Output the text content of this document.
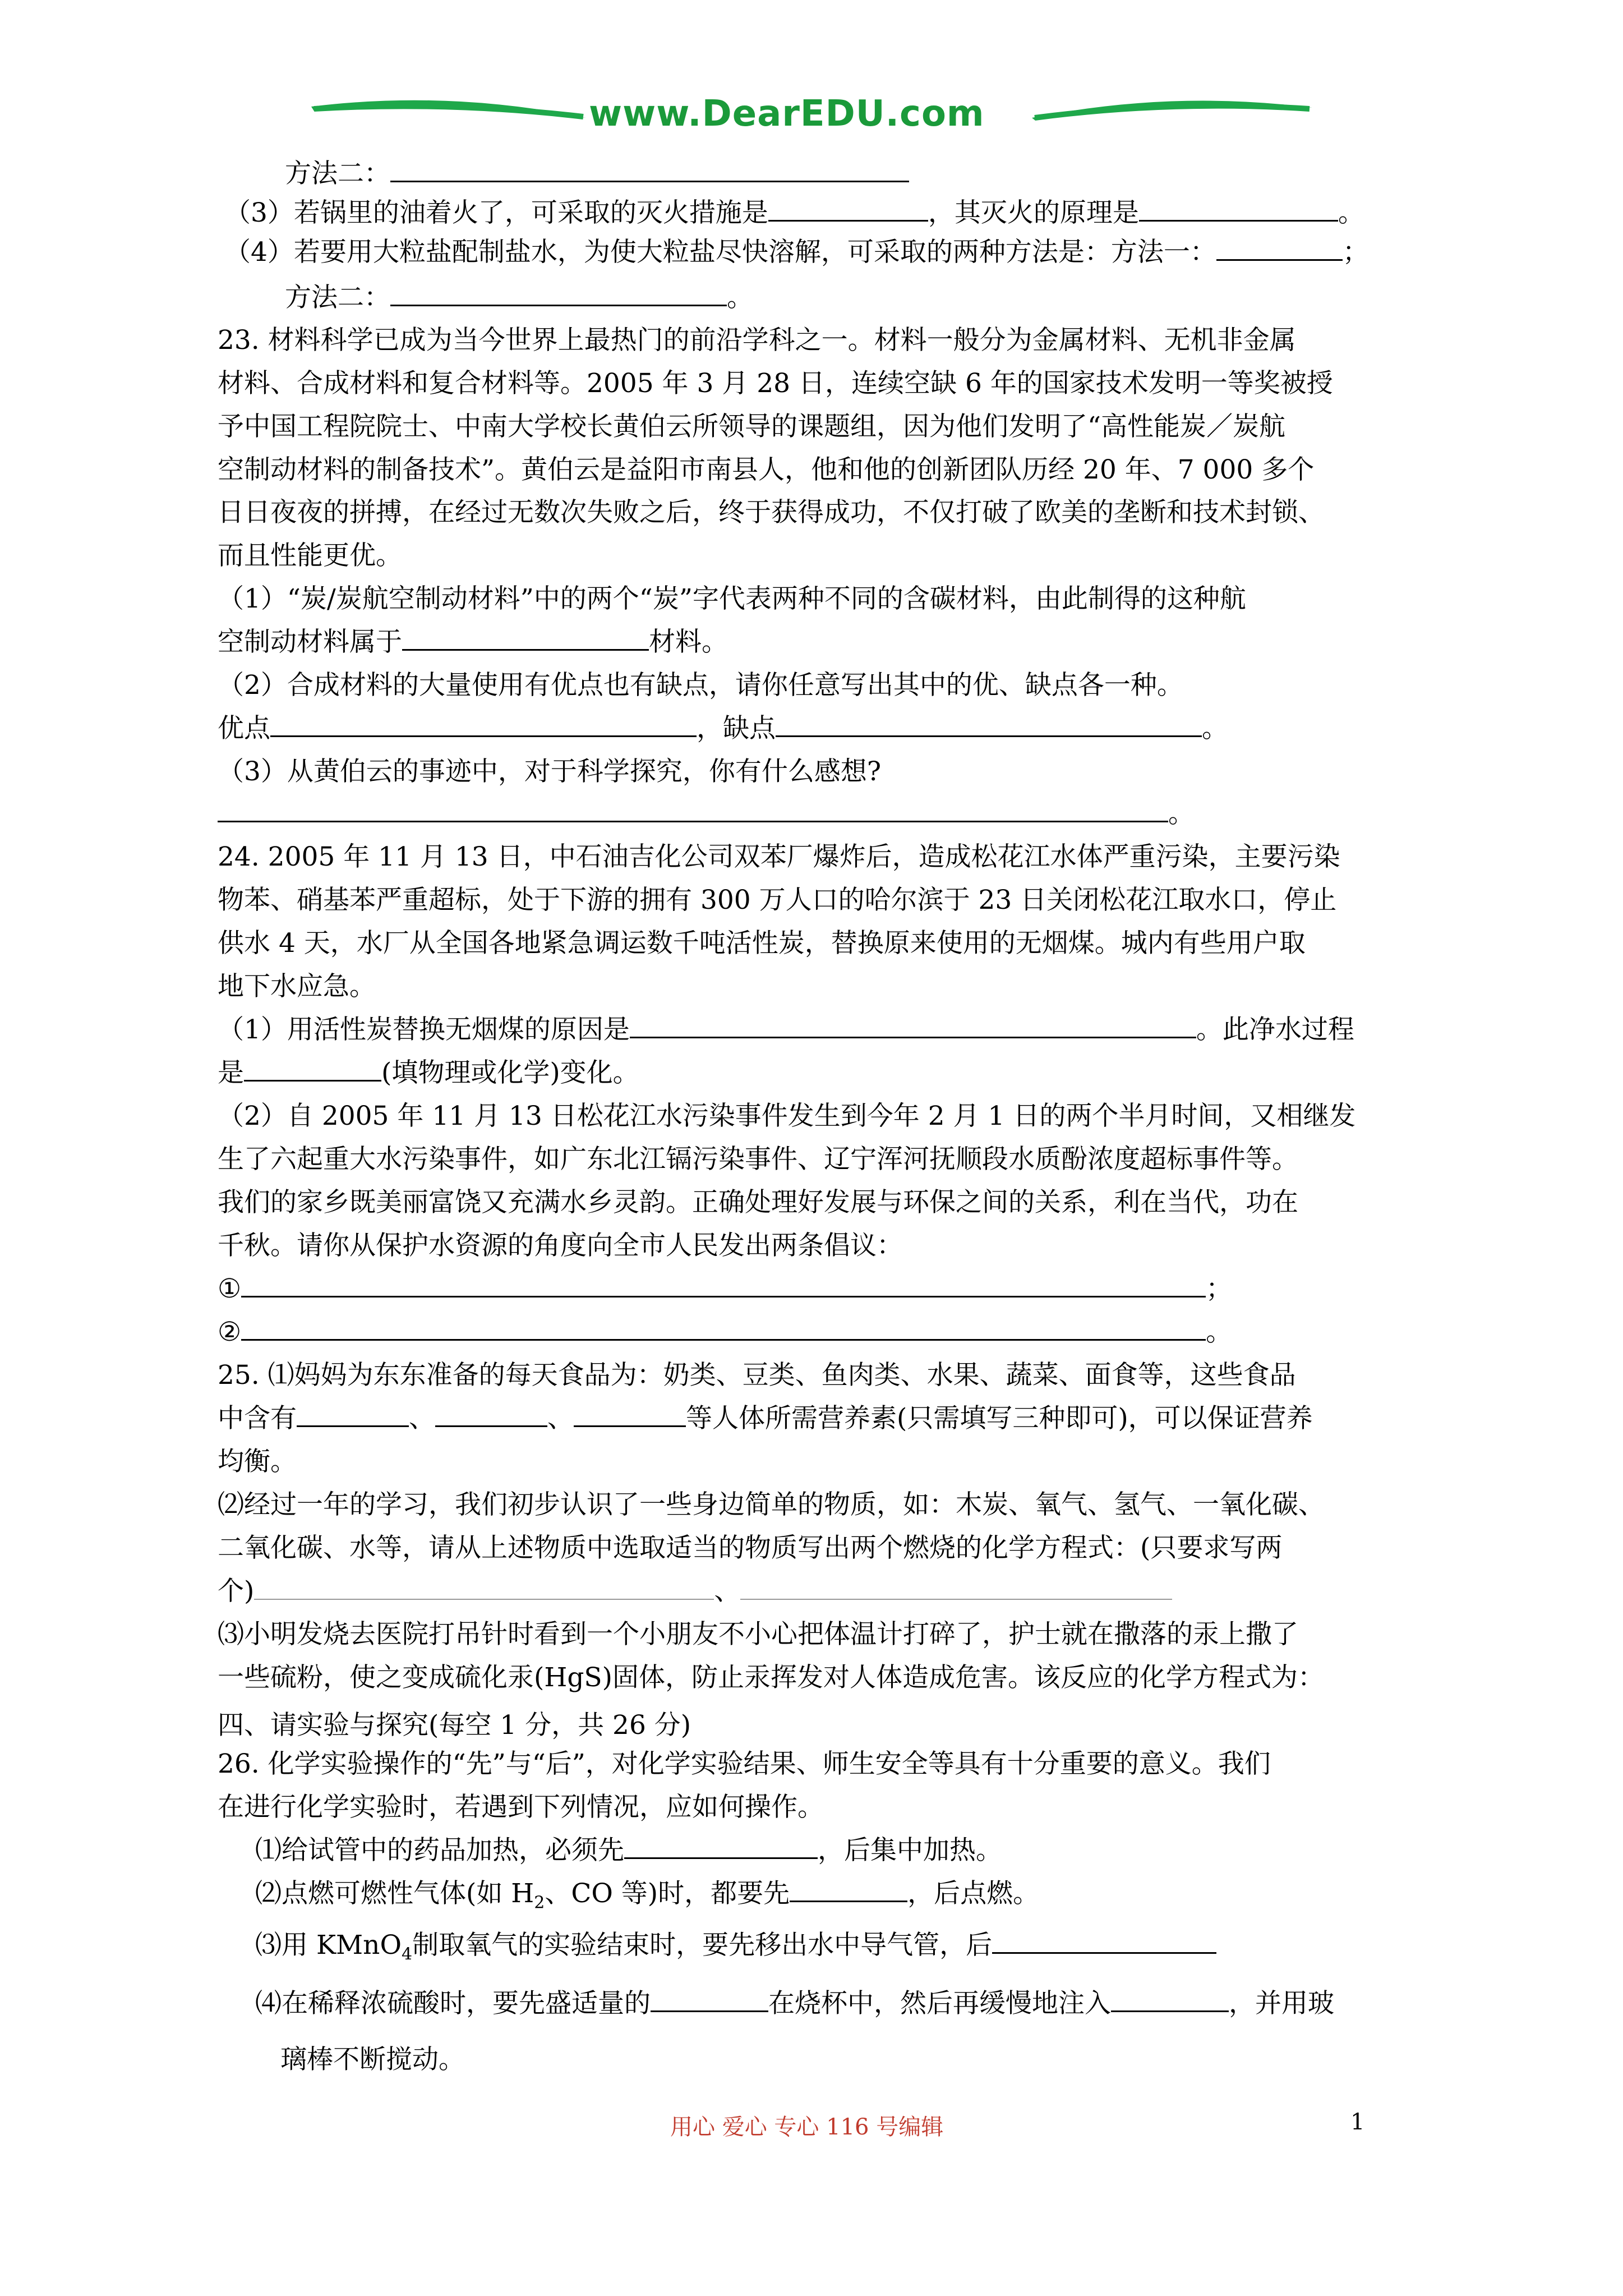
www.DearEDU.com
方法二：
（3）若锅里的油着火了，可采取的灭火措施是	，其灭火的原理是	。
（4）若要用大粒盐配制盐水，为使大粒盐尽快溶解，可采取的两种方法是：方法一：	；
方法二：	。
23. 材料科学已成为当今世界上最热门的前沿学科之一。材料一般分为金属材料、无机非金属
材料、合成材料和复合材料等。2005 年 3 月 28 日，连续空缺 6 年的国家技术发明一等奖被授
予中国工程院院士、中南大学校长黄伯云所领导的课题组，因为他们发明了“高性能炭／炭航
空制动材料的制备技术”。黄伯云是益阳市南县人，他和他的创新团队历经 20 年、7 000 多个
日日夜夜的拼搏，在经过无数次失败之后，终于获得成功，不仅打破了欧美的垄断和技术封锁、
而且性能更优。
（1）“炭/炭航空制动材料”中的两个“炭”字代表两种不同的含碳材料，由此制得的这种航
空制动材料属于	材料。
（2）合成材料的大量使用有优点也有缺点，请你任意写出其中的优、缺点各一种。
优点	，缺点	。
（3）从黄伯云的事迹中，对于科学探究，你有什么感想?
。
24. 2005 年 11 月 13 日，中石油吉化公司双苯厂爆炸后，造成松花江水体严重污染，主要污染
物苯、硝基苯严重超标，处于下游的拥有 300 万人口的哈尔滨于 23 日关闭松花江取水口，停止
供水 4 天，水厂从全国各地紧急调运数千吨活性炭，替换原来使用的无烟煤。城内有些用户取
地下水应急。
（1）用活性炭替换无烟煤的原因是	。此净水过程
是	(填物理或化学)变化。
（2）自 2005 年 11 月 13 日松花江水污染事件发生到今年 2 月 1 日的两个半月时间，又相继发
生了六起重大水污染事件，如广东北江镉污染事件、辽宁浑河抚顺段水质酚浓度超标事件等。
我们的家乡既美丽富饶又充满水乡灵韵。正确处理好发展与环保之间的关系，利在当代，功在
千秋。请你从保护水资源的角度向全市人民发出两条倡议：
①	；
②	。
25. ⑴妈妈为东东准备的每天食品为：奶类、豆类、鱼肉类、水果、蔬菜、面食等，这些食品
中含有	、	、	等人体所需营养素(只需填写三种即可)，可以保证营养
均衡。
⑵经过一年的学习，我们初步认识了一些身边简单的物质，如：木炭、氧气、氢气、一氧化碳、
二氧化碳、水等，请从上述物质中选取适当的物质写出两个燃烧的化学方程式：(只要求写两
个)	、
⑶小明发烧去医院打吊针时看到一个小朋友不小心把体温计打碎了，护士就在撒落的汞上撒了
一些硫粉，使之变成硫化汞(HgS)固体，防止汞挥发对人体造成危害。该反应的化学方程式为：
四、请实验与探究(每空 1 分，共 26 分)
26. 化学实验操作的“先”与“后”，对化学实验结果、师生安全等具有十分重要的意义。我们
在进行化学实验时，若遇到下列情况，应如何操作。
⑴给试管中的药品加热，必须先	，后集中加热。
⑵点燃可燃性气体(如 $H_2$、CO 等)时，都要先	，后点燃。
⑶用 KMnO$_4$制取氧气的实验结束时，要先移出水中导气管，后
⑷在稀释浓硫酸时，要先盛适量的	在烧杯中，然后再缓慢地注入	，并用玻
璃棒不断搅动。
用心 爱心 专心 116 号编辑	1
